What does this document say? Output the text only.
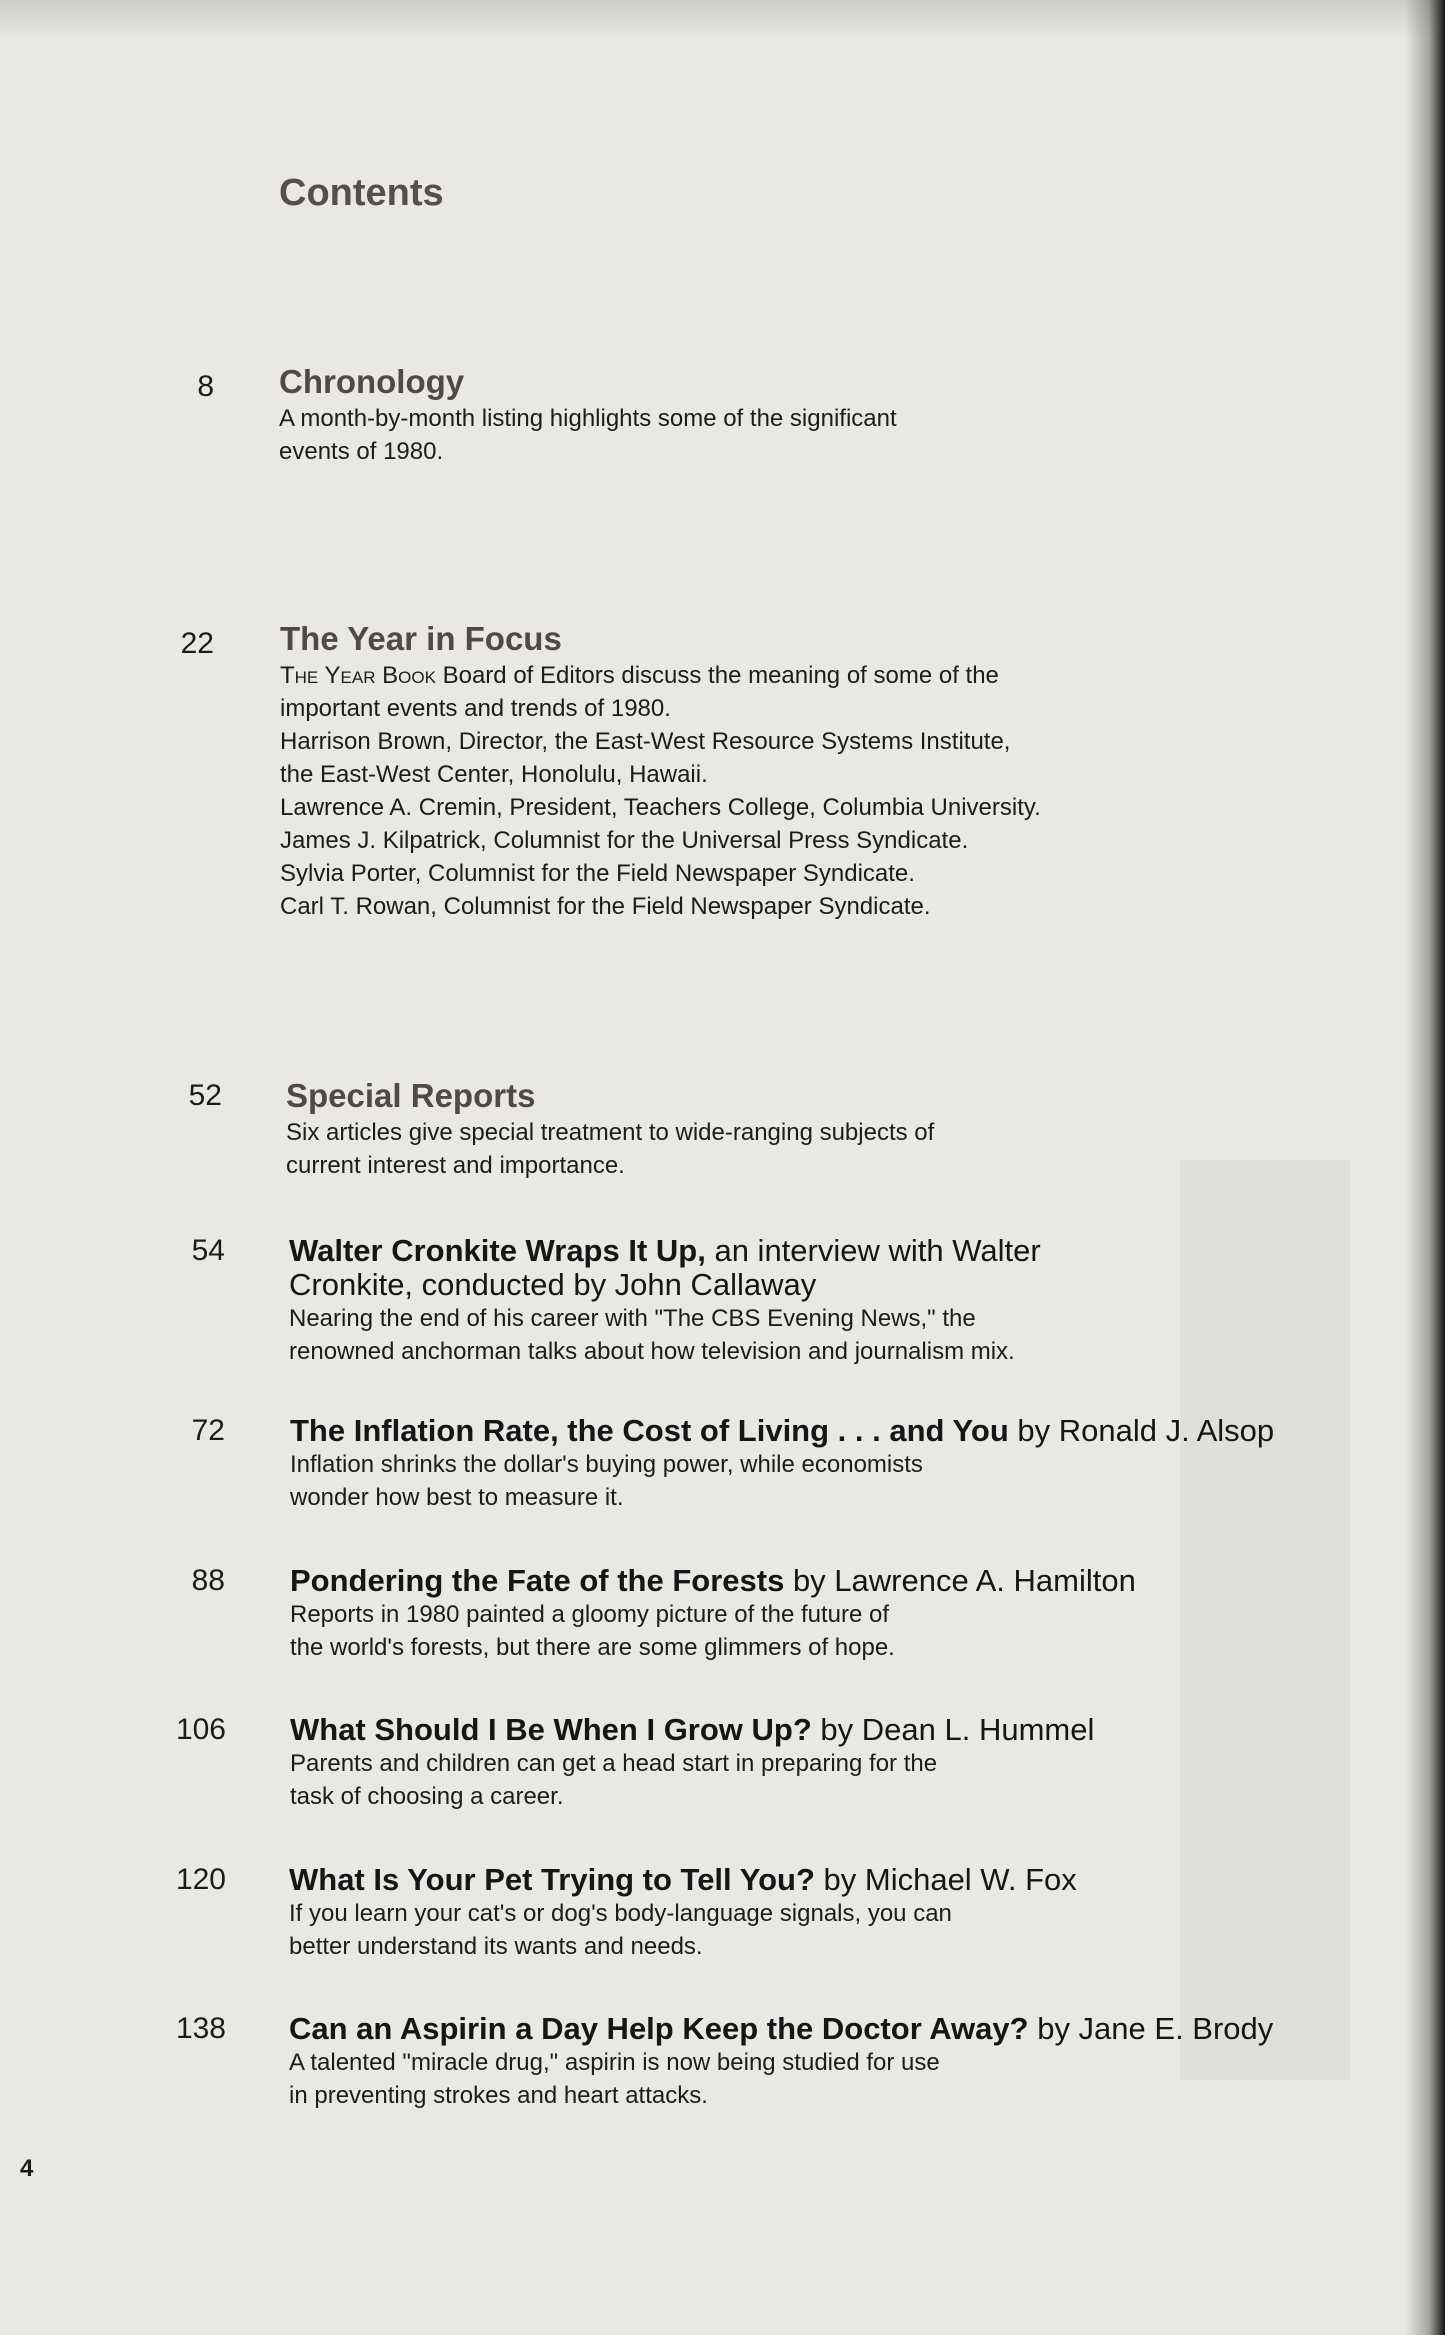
Contents
8 Chronology
A month-by-month listing highlights some of the significant
events of 1980.
22 The Year in Focus
The Year Book Board of Editors discuss the meaning of some of the
important events and trends of 1980.
Harrison Brown, Director, the East-West Resource Systems Institute,
the East-West Center, Honolulu, Hawaii.
Lawrence A. Cremin, President, Teachers College, Columbia University.
James J. Kilpatrick, Columnist for the Universal Press Syndicate.
Sylvia Porter, Columnist for the Field Newspaper Syndicate.
Carl T. Rowan, Columnist for the Field Newspaper Syndicate.
52 Special Reports
Six articles give special treatment to wide-ranging subjects of
current interest and importance.
54 Walter Cronkite Wraps It Up, an interview with Walter Cronkite, conducted by John Callaway
Nearing the end of his career with "The CBS Evening News," the
renowned anchorman talks about how television and journalism mix.
72 The Inflation Rate, the Cost of Living . . . and You by Ronald J. Alsop
Inflation shrinks the dollar's buying power, while economists
wonder how best to measure it.
88 Pondering the Fate of the Forests by Lawrence A. Hamilton
Reports in 1980 painted a gloomy picture of the future of
the world's forests, but there are some glimmers of hope.
106 What Should I Be When I Grow Up? by Dean L. Hummel
Parents and children can get a head start in preparing for the
task of choosing a career.
120 What Is Your Pet Trying to Tell You? by Michael W. Fox
If you learn your cat's or dog's body-language signals, you can
better understand its wants and needs.
138 Can an Aspirin a Day Help Keep the Doctor Away? by Jane E. Brody
A talented "miracle drug," aspirin is now being studied for use
in preventing strokes and heart attacks.
4
